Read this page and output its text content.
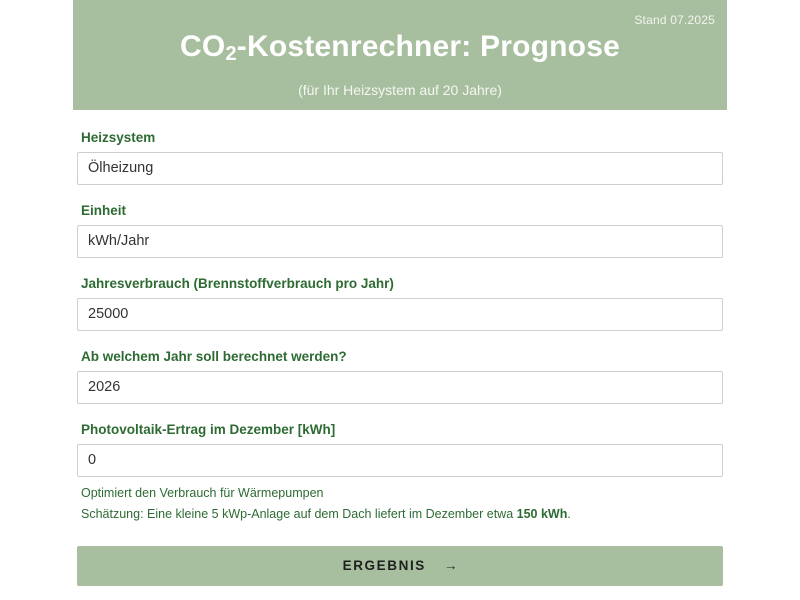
Stand 07.2025
$CO_2$-Kostenrechner: Prognose
(für Ihr Heizsystem auf 20 Jahre)
Heizsystem
Ölheizung
Einheit
kWh/Jahr
Jahresverbrauch (Brennstoffverbrauch pro Jahr)
25000
Ab welchem Jahr soll berechnet werden?
2026
Photovoltaik-Ertrag im Dezember [kWh]
0
Optimiert den Verbrauch für Wärmepumpen
Schätzung: Eine kleine 5 kWp-Anlage auf dem Dach liefert im Dezember etwa 150 kWh.
ERGEBNIS →
